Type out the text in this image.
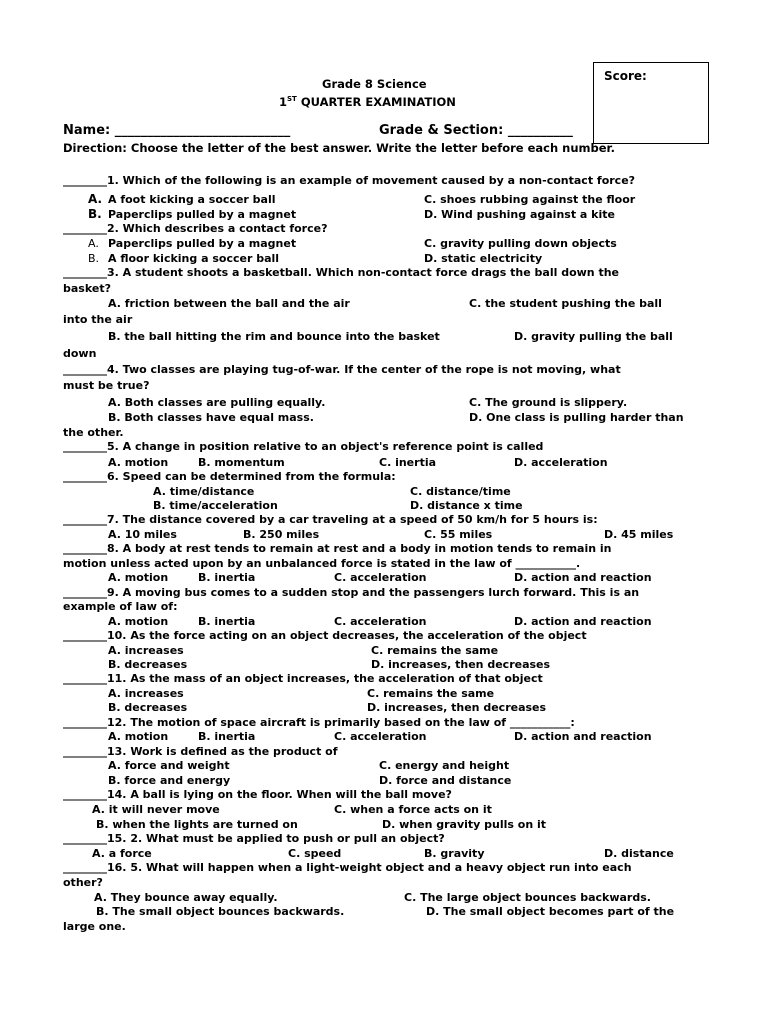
Grade 8 Science
1ST QUARTER EXAMINATION
Score:
Name: ___________________________	Grade & Section: __________
Direction: Choose the letter of the best answer. Write the letter before each number.
________1. Which of the following is an example of movement caused by a non-contact force?
A. A foot kicking a soccer ball	C. shoes rubbing against the floor
B. Paperclips pulled by a magnet	D. Wind pushing against a kite
________2. Which describes a contact force?
A. Paperclips pulled by a magnet	C. gravity pulling down objects
B. A floor kicking a soccer ball	D. static electricity
________3. A student shoots a basketball. Which non-contact force drags the ball down the
basket?
A. friction between the ball and the air	C. the student pushing the ball
into the air
B. the ball hitting the rim and bounce into the basket	D. gravity pulling the ball
down
________4. Two classes are playing tug-of-war. If the center of the rope is not moving, what
must be true?
A. Both classes are pulling equally.	C. The ground is slippery.
B. Both classes have equal mass.	D. One class is pulling harder than
the other.
________5. A change in position relative to an object's reference point is called
A. motion	B. momentum	C. inertia	D. acceleration
________6. Speed can be determined from the formula:
A. time/distance	C. distance/time
B. time/acceleration	D. distance x time
________7. The distance covered by a car traveling at a speed of 50 km/h for 5 hours is:
A. 10 miles	B. 250 miles	C. 55 miles	D. 45 miles
________8. A body at rest tends to remain at rest and a body in motion tends to remain in
motion unless acted upon by an unbalanced force is stated in the law of ___________.
A. motion	B. inertia	C. acceleration	D. action and reaction
________9. A moving bus comes to a sudden stop and the passengers lurch forward. This is an
example of law of:
A. motion	B. inertia	C. acceleration	D. action and reaction
________10. As the force acting on an object decreases, the acceleration of the object
A. increases	C. remains the same
B. decreases	D. increases, then decreases
________11. As the mass of an object increases, the acceleration of that object
A. increases	C. remains the same
B. decreases	D. increases, then decreases
________12. The motion of space aircraft is primarily based on the law of ___________:
A. motion	B. inertia	C. acceleration	D. action and reaction
________13. Work is defined as the product of
A. force and weight	C. energy and height
B. force and energy	D. force and distance
________14. A ball is lying on the floor. When will the ball move?
A. it will never move	C. when a force acts on it
B. when the lights are turned on	D. when gravity pulls on it
________15. 2. What must be applied to push or pull an object?
A. a force	C. speed	B. gravity	D. distance
________16. 5. What will happen when a light-weight object and a heavy object run into each
other?
A. They bounce away equally.	C. The large object bounces backwards.
B. The small object bounces backwards.	D. The small object becomes part of the
large one.
